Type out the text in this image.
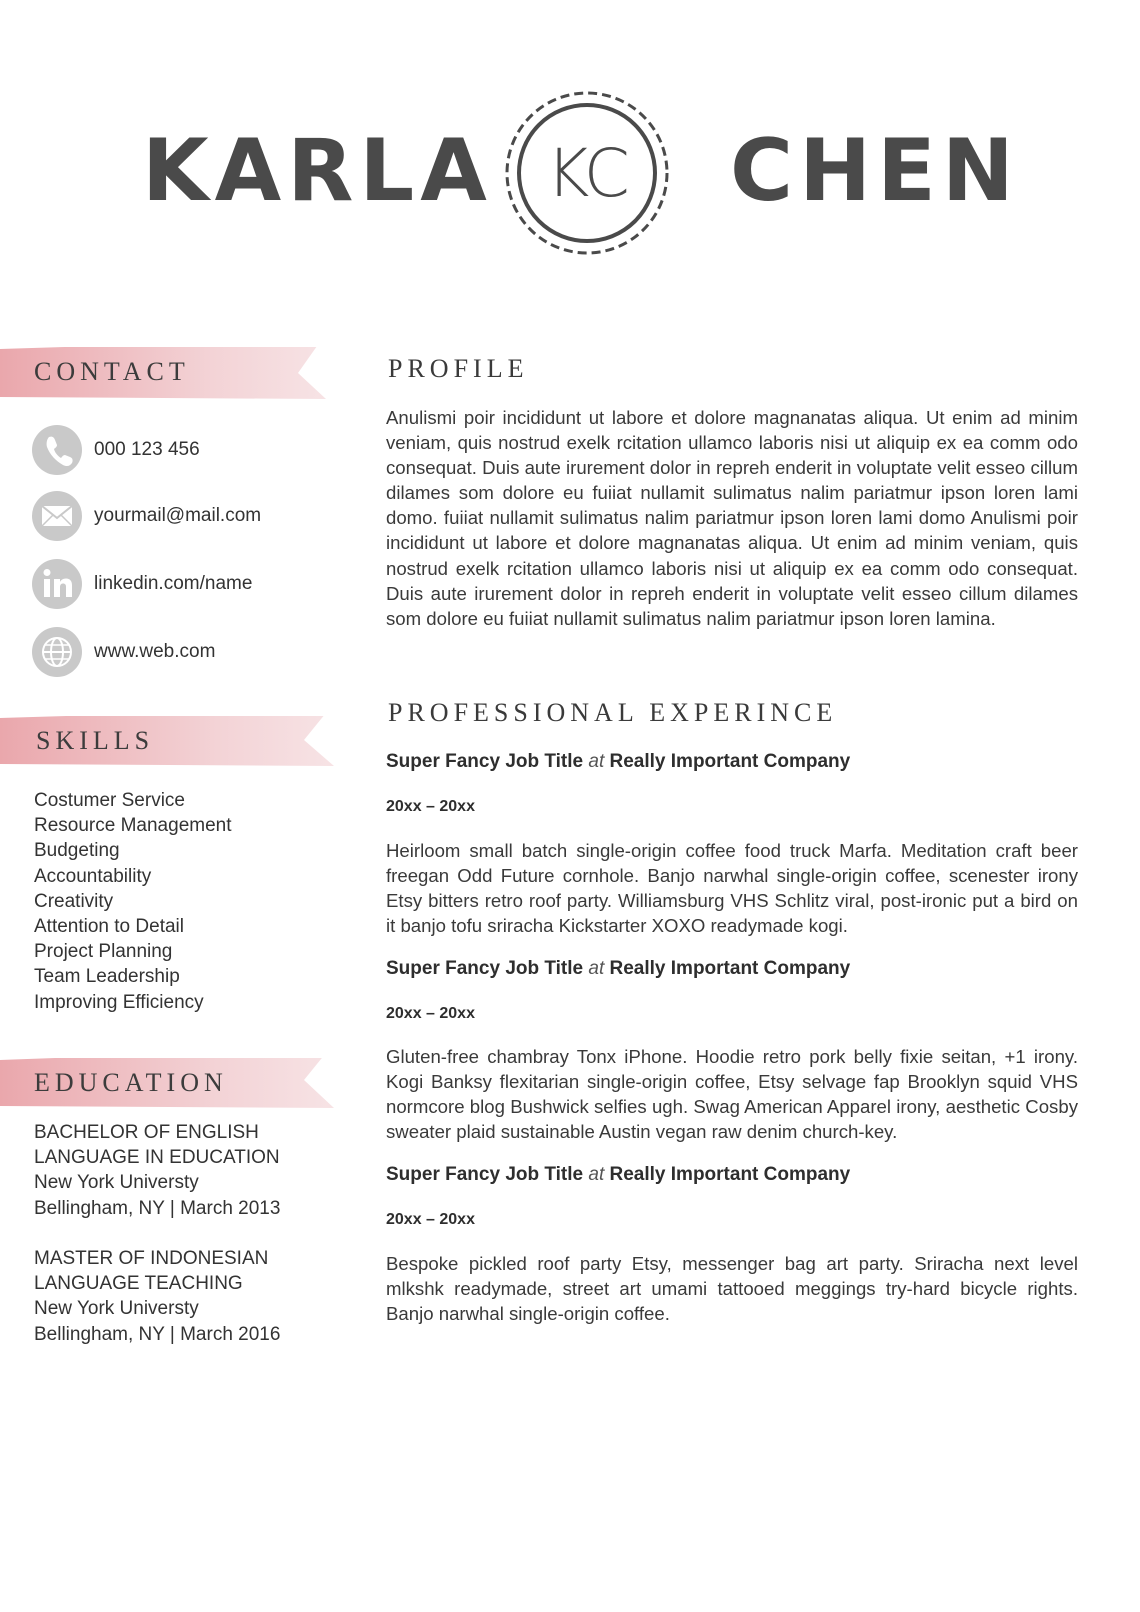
KARLA KC CHEN
CONTACT
000 123 456
yourmail@mail.com
linkedin.com/name
www.web.com
SKILLS
Costumer Service
Resource Management
Budgeting
Accountability
Creativity
Attention to Detail
Project Planning
Team Leadership
Improving Efficiency
EDUCATION
BACHELOR OF ENGLISH
LANGUAGE IN EDUCATION
New York Universty
Bellingham, NY | March 2013
MASTER OF INDONESIAN
LANGUAGE TEACHING
New York Universty
Bellingham, NY | March 2016
PROFILE
Anulismi poir incididunt ut labore et dolore magnanatas aliqua. Ut enim ad minim veniam, quis nostrud exelk rcitation ullamco laboris nisi ut aliquip ex ea comm odo consequat. Duis aute irurement dolor in repreh enderit in voluptate velit esseo cillum dilames som dolore eu fuiiat nullamit sulimatus nalim pariatmur ipson loren lami domo. fuiiat nullamit sulimatus nalim pariatmur ipson loren lami domo Anulismi poir incididunt ut labore et dolore magnanatas aliqua. Ut enim ad minim veniam, quis nostrud exelk rcitation ullamco laboris nisi ut aliquip ex ea comm odo consequat. Duis aute irurement dolor in repreh enderit in voluptate velit esseo cillum dilames som dolore eu fuiiat nullamit sulimatus nalim pariatmur ipson loren lamina.
PROFESSIONAL EXPERINCE
Super Fancy Job Title at Really Important Company
20xx – 20xx
Heirloom small batch single-origin coffee food truck Marfa. Meditation craft beer freegan Odd Future cornhole. Banjo narwhal single-origin coffee, scenester irony Etsy bitters retro roof party. Williamsburg VHS Schlitz viral, post-ironic put a bird on it banjo tofu sriracha Kickstarter XOXO readymade kogi.
Super Fancy Job Title at Really Important Company
20xx – 20xx
Gluten-free chambray Tonx iPhone. Hoodie retro pork belly fixie seitan, +1 irony. Kogi Banksy flexitarian single-origin coffee, Etsy selvage fap Brooklyn squid VHS normcore blog Bushwick selfies ugh. Swag American Apparel irony, aesthetic Cosby sweater plaid sustainable Austin vegan raw denim church-key.
Super Fancy Job Title at Really Important Company
20xx – 20xx
Bespoke pickled roof party Etsy, messenger bag art party. Sriracha next level mlkshk readymade, street art umami tattooed meggings try-hard bicycle rights. Banjo narwhal single-origin coffee.
